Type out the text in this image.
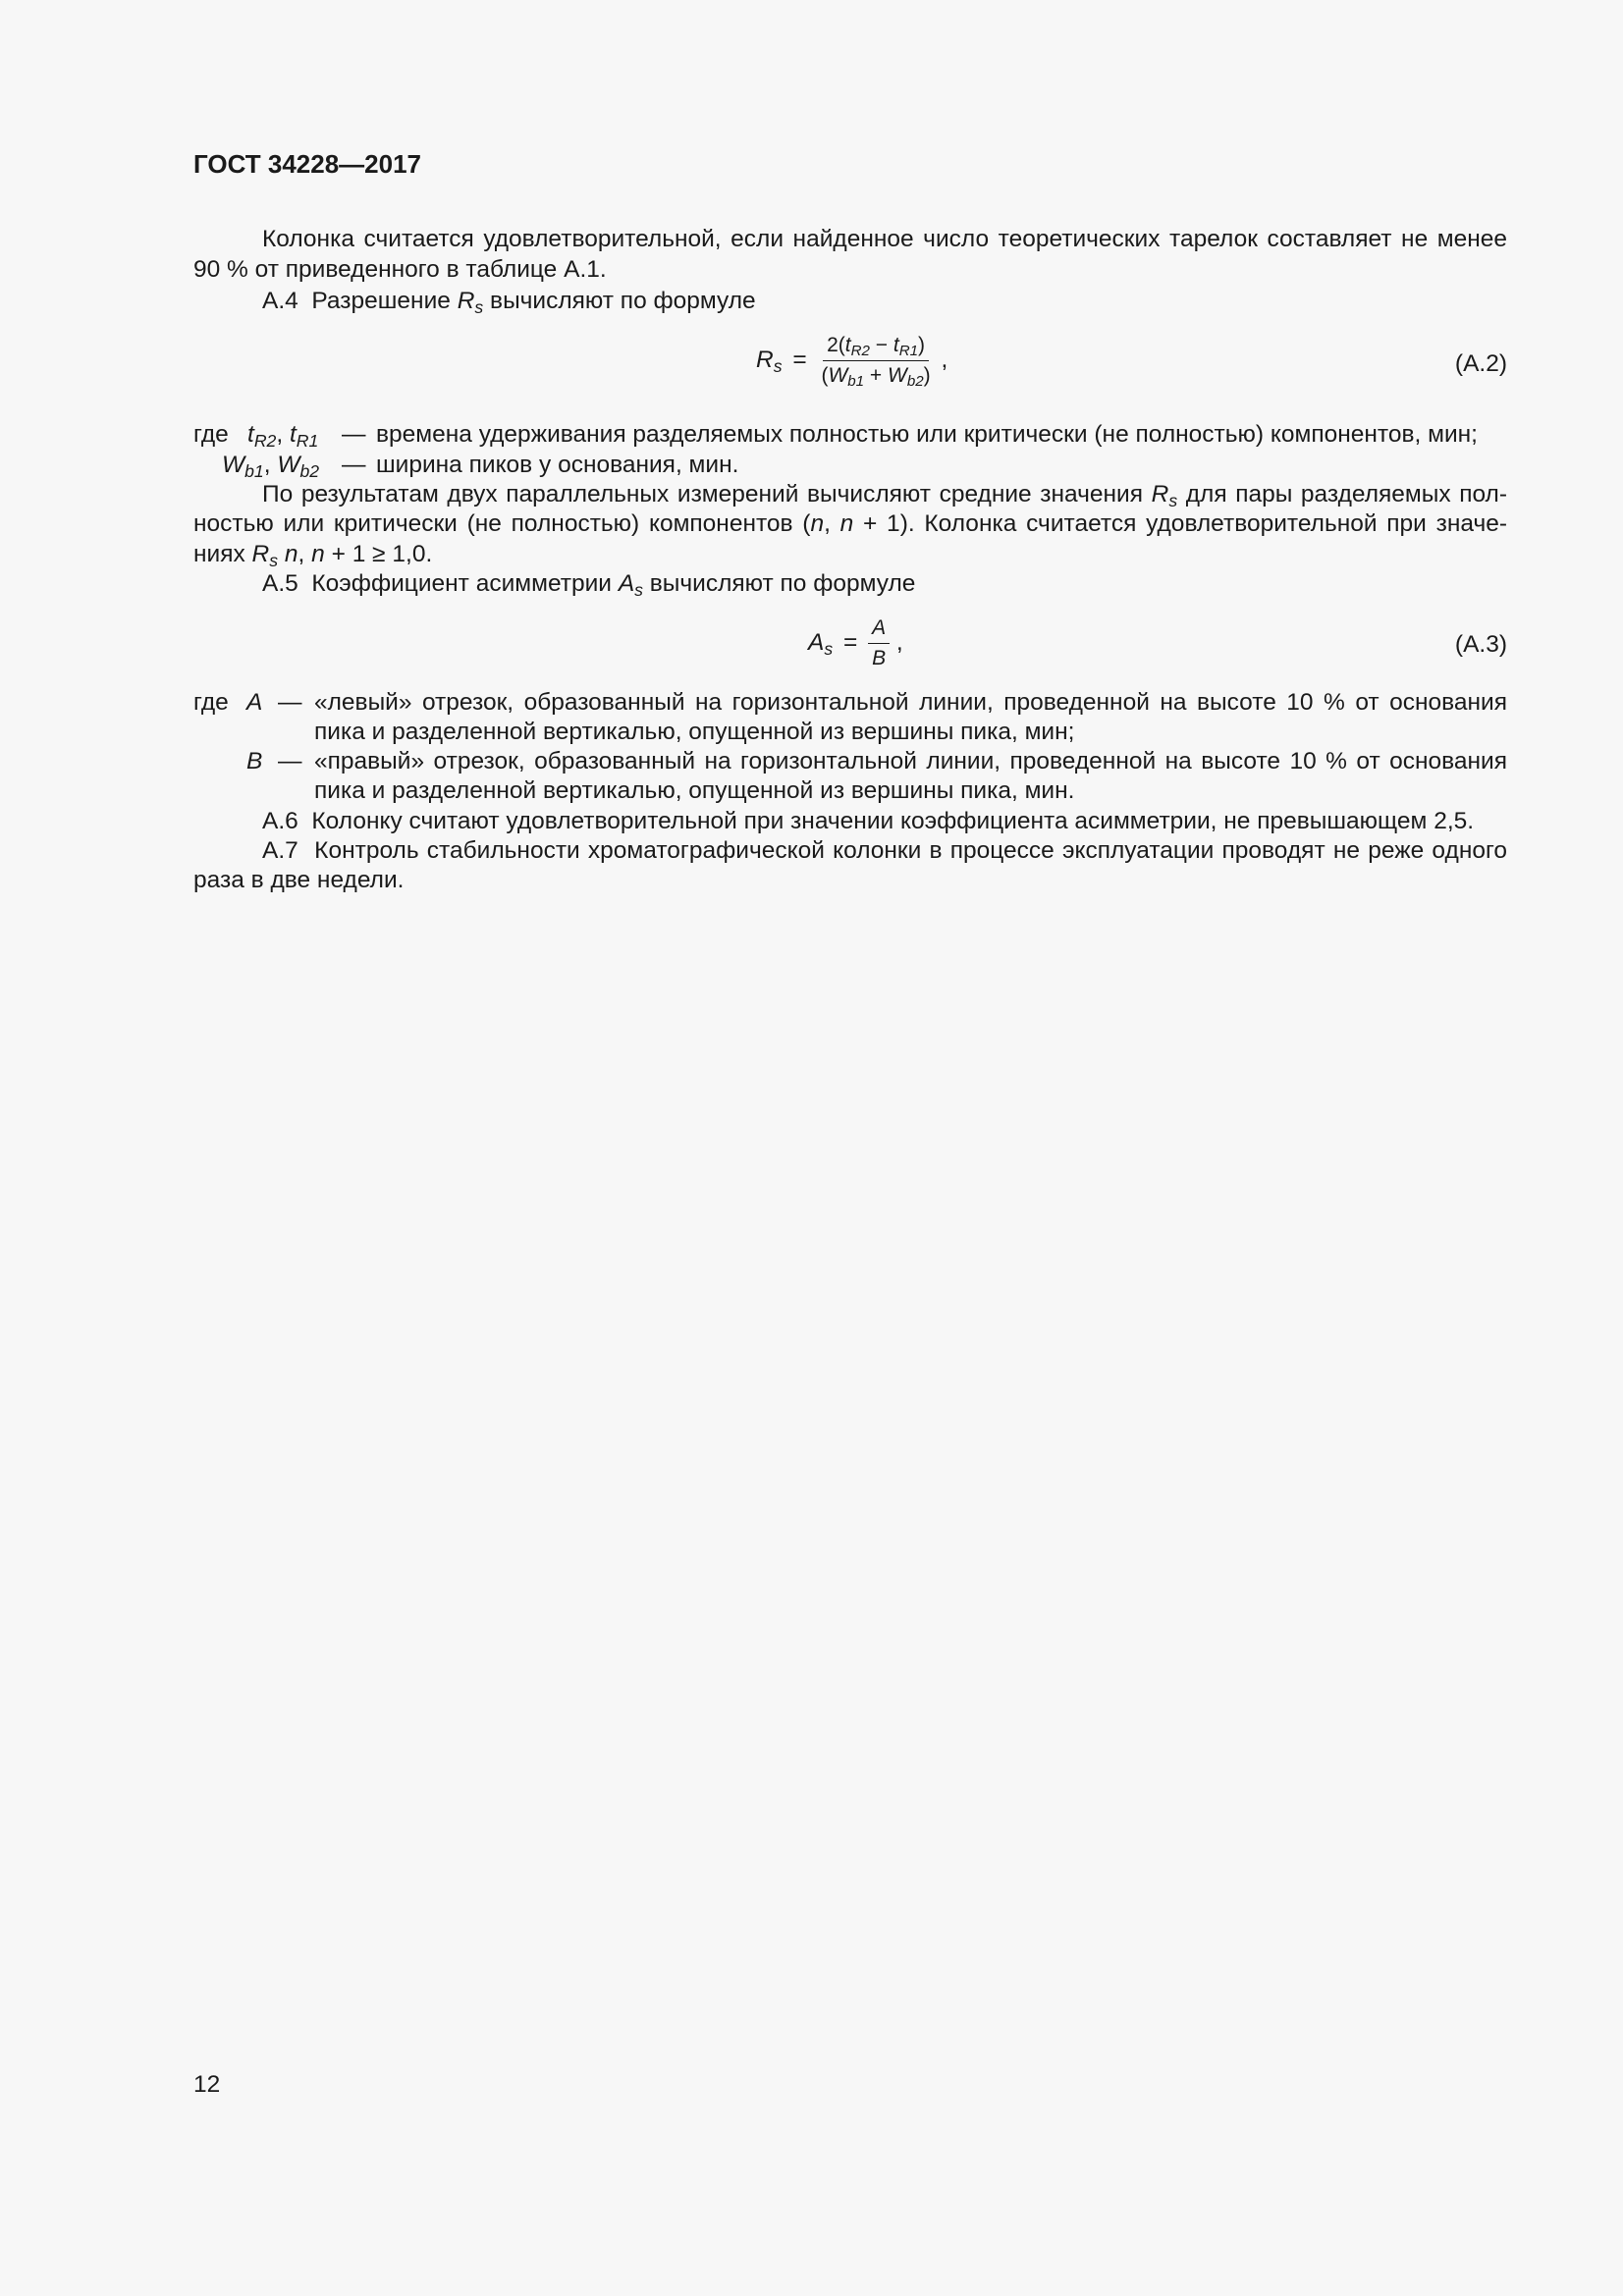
ГОСТ 34228—2017
Колонка считается удовлетворительной, если найденное число теоретических тарелок составляет не менее
90 % от приведенного в таблице А.1.
А.4 Разрешение $R_s$ вычисляют по формуле
$R_s = \frac{2(t_{R2} - t_{R1})}{(W_{b1} + W_{b2})}$ ,	(А.2)
где $t_{R2}$, $t_{R1}$ — времена удерживания разделяемых полностью или критически (не полностью) компонентов, мин;
$W_{b1}$, $W_{b2}$ — ширина пиков у основания, мин.
По результатам двух параллельных измерений вычисляют средние значения $R_s$ для пары разделяемых пол-
ностью или критически (не полностью) компонентов (n, n + 1). Колонка считается удовлетворительной при значе-
ниях $R_s$ n, n + 1 ≥ 1,0.
А.5 Коэффициент асимметрии $A_s$ вычисляют по формуле
$A_s = \frac{A}{B}$ ,	(А.3)
где A — «левый» отрезок, образованный на горизонтальной линии, проведенной на высоте 10 % от основания
пика и разделенной вертикалью, опущенной из вершины пика, мин;
B — «правый» отрезок, образованный на горизонтальной линии, проведенной на высоте 10 % от основания
пика и разделенной вертикалью, опущенной из вершины пика, мин.
А.6  Колонку считают удовлетворительной при значении коэффициента асимметрии, не превышающем 2,5.
А.7  Контроль стабильности хроматографической колонки в процессе эксплуатации проводят не реже одного
раза в две недели.
12
